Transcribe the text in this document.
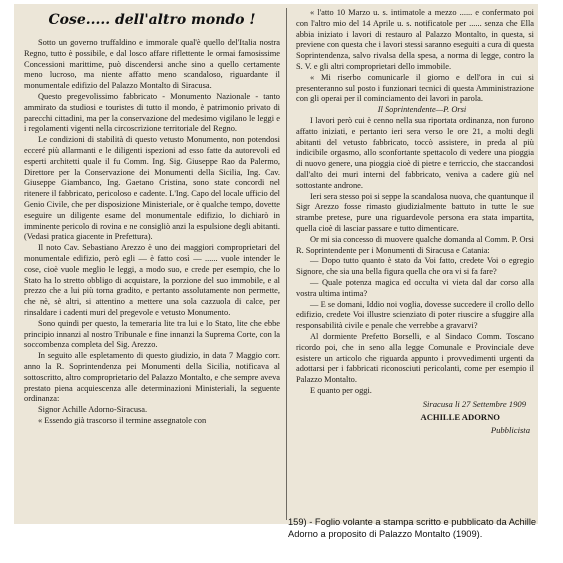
Cose..... dell'altro mondo !

Sotto un governo truffaldino e immorale qual'è quello del'Italia nostra Regno, tutto è possibile, e dal losco affare riflettente le ormai famosissime Concessioni marittime, può discendersi anche sino a quello certamente meno lucroso, ma niente affatto meno scandaloso, riguardante il monumentale edifizio del Palazzo Montalto di Siracusa.

Questo pregevolissimo fabbricato - Monumento Nazionale - tanto ammirato da studiosi e touristes di tutto il mondo, è patrimonio privato di parecchi cittadini, ma per la conservazione del medesimo vigilano le leggi e i regolamenti vigenti nella circoscrizione territoriale del Regno.

Le condizioni di stabilità di questo vetusto Monumento, non potendosi ecceré più allarmanti e le diligenti ispezioni ad esso fatte da autorevoli ed esperti architetti quale il fu Comm. Ing. Sig. Giuseppe Rao da Palermo, Direttore per la Conservazione dei Monumenti della Sicilia, Ing. Cav. Giuseppe Giambanco, Ing. Gaetano Cristina, sono state concordi nel ritenere il fabbricato, pericoloso e cadente. L'Ing. Capo del locale ufficio del Genio Civile, che per disposizione Ministeriale, or è qualche tempo, dovette eseguire un diligente esame del monumentale edifizio, lo dichiarò in imminente pericolo di rovina e ne consigliò anzi la espulsione degli abitanti. (Vedasi pratica giacente in Prefettura).

Il noto Cav. Sebastiano Arezzo è uno dei maggiori comproprietari del monumentale edifizio, però egli — è fatto così — ...... vuole intender le cose, cioè vuole meglio le leggi, a modo suo, e crede per esempio, che lo Stato ha lo stretto obbligo di acquistare, la porzione del suo immobile, e al prezzo che a lui più torna gradito, e pertanto assolutamente non permette, che nè, sè altri, si attentino a mettere una sola cazzuola di calce, per rinsaldare i cadenti muri del pregevole e vetusto Monumento.

Sono quindi per questo, la temeraria lite tra lui e lo Stato, lite che ebbe principio innanzi al nostro Tribunale e fine innanzi la Suprema Corte, con la soccombenza completa del Sig. Arezzo.

In seguito alle espletamento di questo giudizio, in data 7 Maggio corr. anno la R. Soprintendenza pei Monumenti della Sicilia, notificava al sottoscritto, altro comproprietario del Palazzo Montalto, e che sempre aveva prestato piena acquiescenza alle determinazioni Ministeriali, la seguente ordinanza:

Signor Achille Adorno-Siracusa.

« Essendo già trascorso il termine assegnatole con

« l'atto 10 Marzo u. s. intimatole a mezzo ...... e confermato poi con l'altro mio del 14 Aprile u. s. notificatole per ...... senza che Ella abbia iniziato i lavori di restauro al Palazzo Montalto, in questa, si previene con questa che i lavori stessi saranno eseguiti a cura di questa Soprintendenza, salvo rivalsa della spesa, a norma di legge, contro la S. V. e gli altri comproprietari dello immobile.

« Mi riserbo comunicarle il giorno e dell'ora in cui si presenteranno sul posto i funzionari tecnici di questa Amministrazione con gli operai per il cominciamento dei lavori in parola.

Il Soprintendente—P. Orsi

I lavori però cui è cenno nella sua riportata ordinanza, non furono affatto iniziati, e pertanto ieri sera verso le ore 21, a molti degli abitanti del vetusto fabbricato, toccò assistere, in preda al più indicibile orgasmo, allo sconfortante spettacolo di vedere una pioggia di nuovo genere, una pioggia cioè di pietre e terriccio, che staccandosi dall'alto dei muri interni del fabbricato, veniva a cadere giù nel sottostante androne.

Ieri sera stesso poi si seppe la scandalosa nuova, che quantunque il Sigr Arezzo fosse rimasto giudizialmente battuto in tutte le sue strambe pretese, pure una riguardevole persona era stata impartita, quella cioè di lasciar passare e tutto dimenticare.

Or mi sia concesso di muovere qualche domanda al Comm. P. Orsi R. Soprintendente per i Monumenti di Siracusa e Catania:

— Dopo tutto quanto è stato da Voi fatto, credete Voi o egregio Signore, che sia una bella figura quella che ora vi si fa fare?

— Quale potenza magica ed occulta vi vieta dal dar corso alla vostra ultima intima?

— E se domani, Iddio noi voglia, dovesse succedere il crollo dello edifizio, credete Voi illustre scienziato di poter riuscire a sfuggire alla responsabilità civile e penale che verrebbe a gravarvi?

Al dormiente Prefetto Borselli, e al Sindaco Comm. Toscano ricordo poi, che in seno alla legge Comunale e Provinciale deve esistere un articolo che riguarda appunto i provvedimenti urgenti da adottarsi per i fabbricati riconosciuti pericolanti, come per esempio il Palazzo Montalto.

E quanto per oggi.

Siracusa li 27 Settembre 1909
ACHILLE ADORNO
Pubblicista
159) - Foglio volante a stampa scritto e pubblicato da Achille Adorno a proposito di Palazzo Montalto (1909).
